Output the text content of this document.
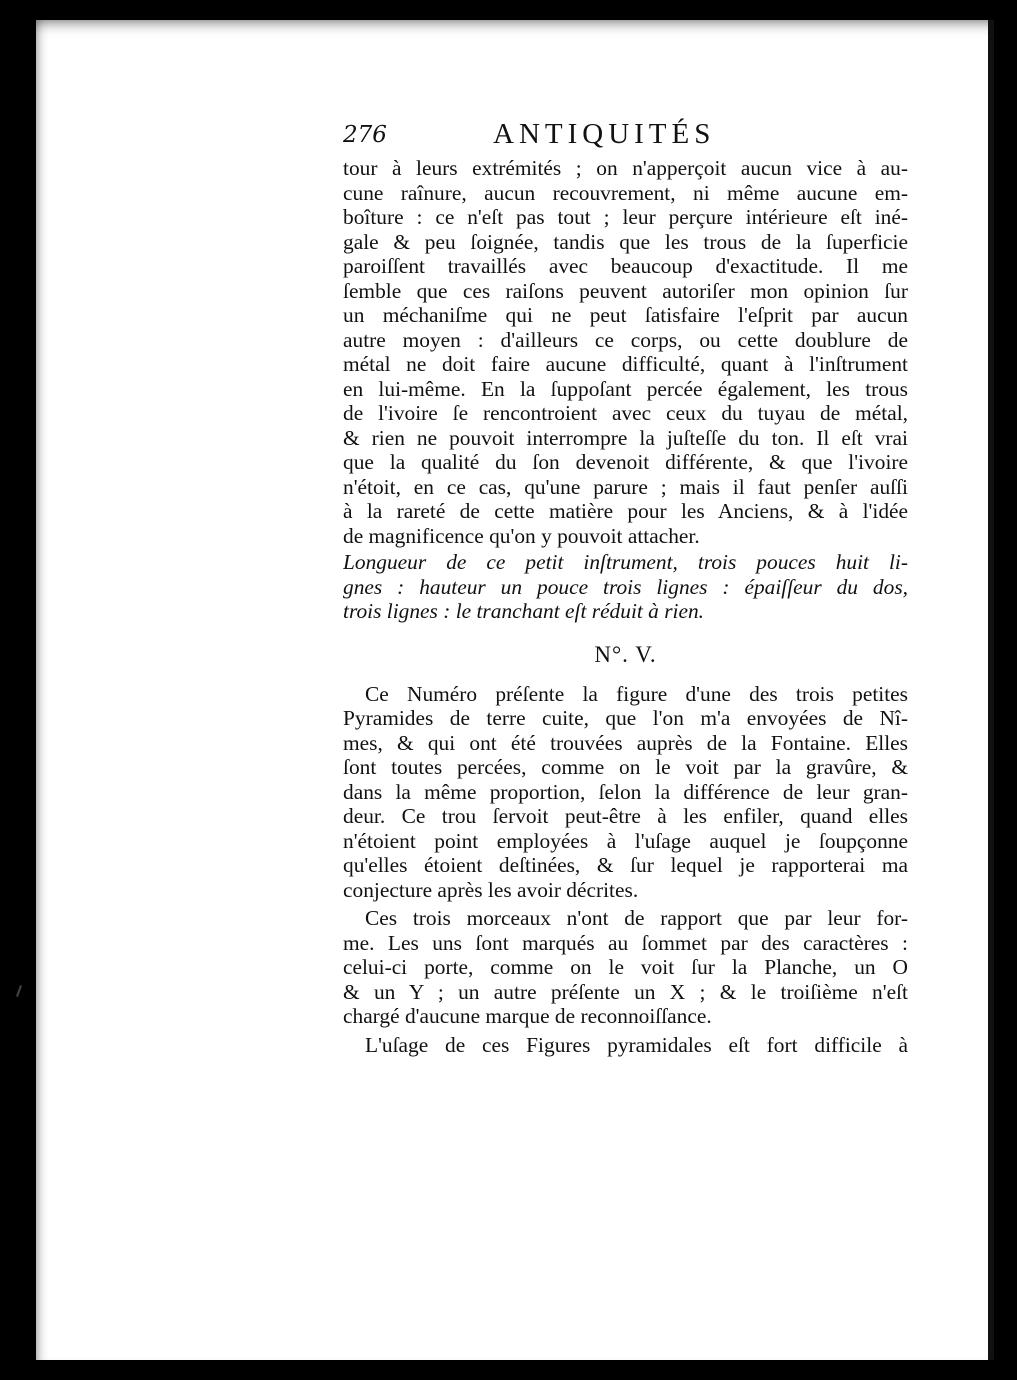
276	ANTIQUITÉS
tour à leurs extrémités ; on n'apperçoit aucun vice à au-
cune raînure, aucun recouvrement, ni même aucune em-
boîture : ce n'eſt pas tout ; leur perçure intérieure eſt iné-
gale & peu ſoignée, tandis que les trous de la ſuperficie
paroiſſent travaillés avec beaucoup d'exactitude. Il me
ſemble que ces raiſons peuvent autoriſer mon opinion ſur
un méchaniſme qui ne peut ſatisfaire l'eſprit par aucun
autre moyen : d'ailleurs ce corps, ou cette doublure de
métal ne doit faire aucune difficulté, quant à l'inſtrument
en lui-même. En la ſuppoſant percée également, les trous
de l'ivoire ſe rencontroient avec ceux du tuyau de métal,
& rien ne pouvoit interrompre la juſteſſe du ton. Il eſt vrai
que la qualité du ſon devenoit différente, & que l'ivoire
n'étoit, en ce cas, qu'une parure ; mais il faut penſer auſſi
à la rareté de cette matière pour les Anciens, & à l'idée
de magnificence qu'on y pouvoit attacher.
Longueur de ce petit inſtrument, trois pouces huit li-
gnes : hauteur un pouce trois lignes : épaiſſeur du dos,
trois lignes : le tranchant eſt réduit à rien.
N°. V.
Ce Numéro préſente la figure d'une des trois petites
Pyramides de terre cuite, que l'on m'a envoyées de Nî-
mes, & qui ont été trouvées auprès de la Fontaine. Elles
ſont toutes percées, comme on le voit par la gravûre, &
dans la même proportion, ſelon la différence de leur gran-
deur. Ce trou ſervoit peut-être à les enfiler, quand elles
n'étoient point employées à l'uſage auquel je ſoupçonne
qu'elles étoient deſtinées, & ſur lequel je rapporterai ma
conjecture après les avoir décrites.
Ces trois morceaux n'ont de rapport que par leur for-
me. Les uns ſont marqués au ſommet par des caractères :
celui-ci porte, comme on le voit ſur la Planche, un O
& un Y ; un autre préſente un X ; & le troiſième n'eſt
chargé d'aucune marque de reconnoiſſance.
L'uſage de ces Figures pyramidales eſt fort difficile à
